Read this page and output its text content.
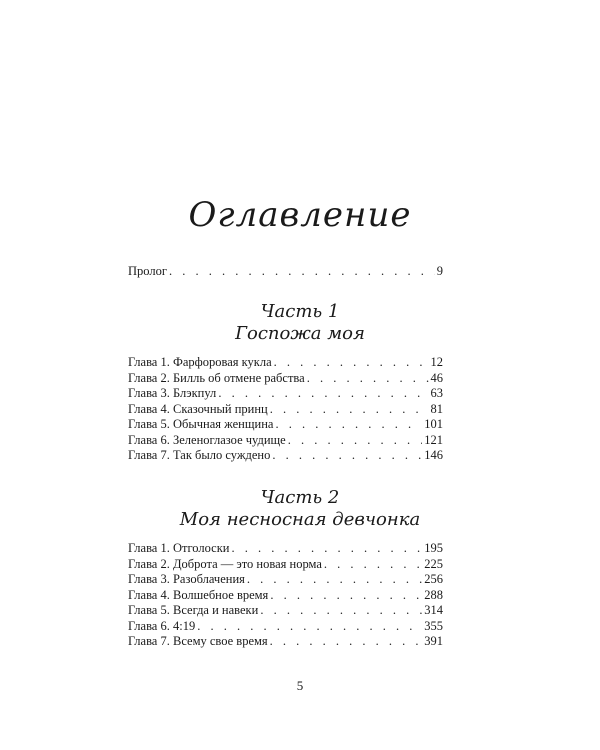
Оглавление
Пролог . . .	9
Часть 1
Госпожа моя
Глава 1. Фарфоровая кукла . . .	12
Глава 2. Билль об отмене рабства . . .	46
Глава 3. Блэкпул . . .	63
Глава 4. Сказочный принц . . .	81
Глава 5. Обычная женщина . . .	101
Глава 6. Зеленоглазое чудище . . .	121
Глава 7. Так было суждено . . .	146
Часть 2
Моя несносная девчонка
Глава 1. Отголоски . . .	195
Глава 2. Доброта — это новая норма . . .	225
Глава 3. Разоблачения . . .	256
Глава 4. Волшебное время . . .	288
Глава 5. Всегда и навеки . . .	314
Глава 6. 4:19 . . .	355
Глава 7. Всему свое время . . .	391
5
